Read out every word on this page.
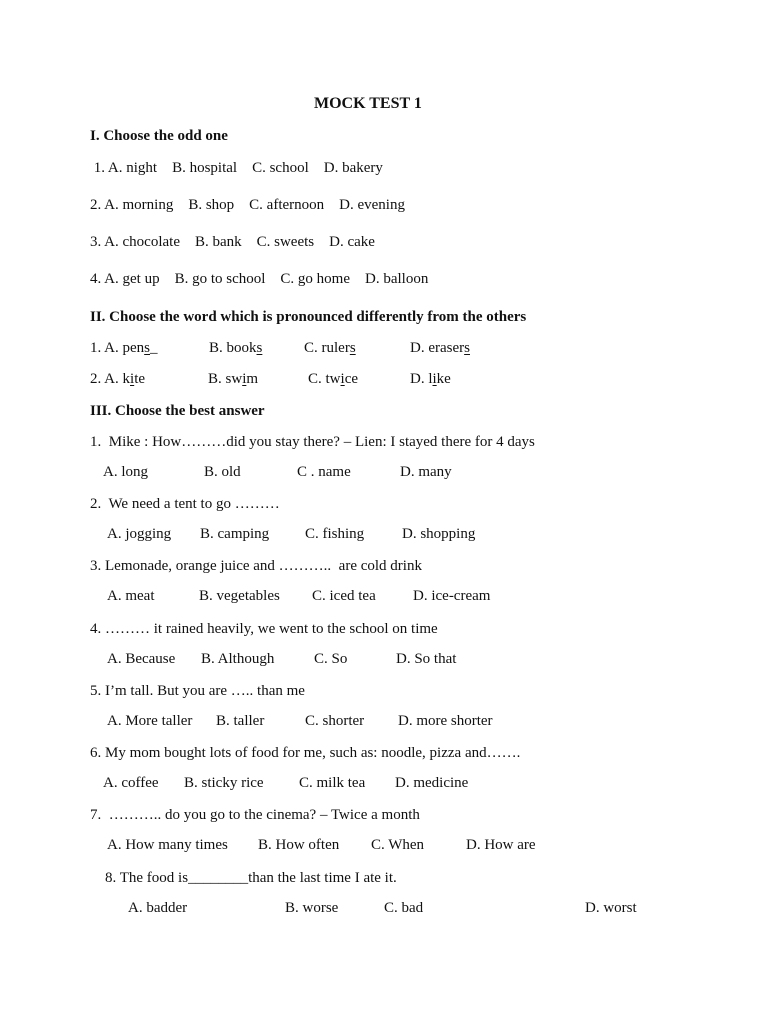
MOCK TEST 1
I. Choose the odd one
1. A. night    B. hospital    C. school    D. bakery
2. A. morning    B. shop    C. afternoon    D. evening
3. A. chocolate    B. bank    C. sweets    D. cake
4. A. get up    B. go to school    C. go home    D. balloon
II. Choose the word which is pronounced differently from the others
1. A. pens_	B. books	C. rulers	D. erasers
2. A. kite	B. swim	C. twice	D. like
III. Choose the best answer
1.  Mike : How………did you stay there? – Lien: I stayed there for 4 days
A. long	B. old	C . name	D. many
2.  We need a tent to go ………
A. jogging B. camping C. fishing	D. shopping
3. Lemonade, orange juice and ………..  are cold drink
A. meat	B. vegetables C. iced tea D. ice-cream
4. ……… it rained heavily, we went to the school on time
A. Because B. Although	C. So	D. So that
5. I’m tall. But you are ….. than me
A. More taller B. taller	C. shorter D. more shorter
6. My mom bought lots of food for me, such as: noodle, pizza and…….
A. coffee B. sticky rice C. milk tea D. medicine
7.  ……….. do you go to the cinema? – Twice a month
A. How many times B. How often C. When	D. How are
8. The food is________than the last time I ate it.
A. badder	B. worse	C. bad	D. worst
